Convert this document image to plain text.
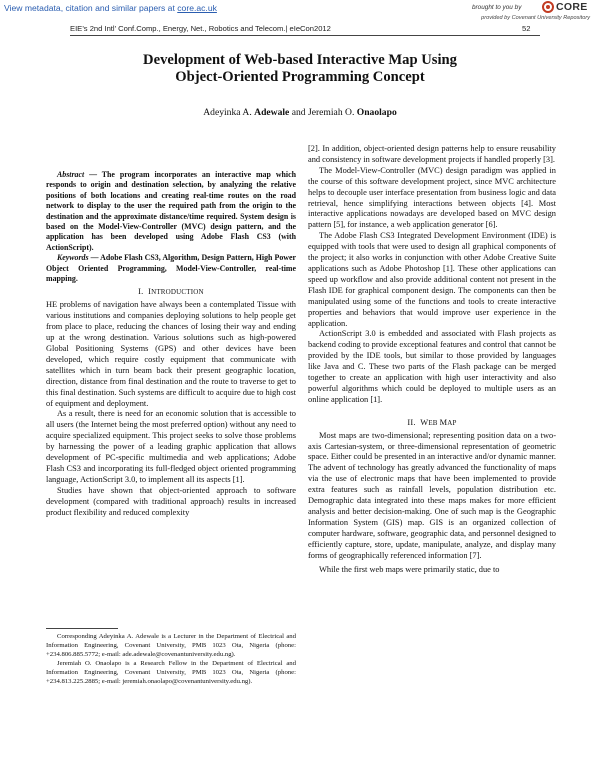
View metadata, citation and similar papers at core.ac.uk	brought to you by	CORE
provided by Covenant University Repository
EIE’s 2nd Intl’ Conf.Comp., Energy, Net., Robotics and Telecom.| eIeCon2012	52
Development of Web-based Interactive Map Using
Object-Oriented Programming Concept
Adeyinka A. Adewale and Jeremiah O. Onaolapo

Abstract — The program incorporates an interactive map which responds to origin and destination selection, by analyzing the relative positions of both locations and creating real-time routes on the road network to display to the user the required path from the origin to the destination and the approximate distance/time required. System design is based on the Model-View-Controller (MVC) design pattern, and the application has been developed using Adobe Flash CS3 (with ActionScript).

Keywords — Adobe Flash CS3, Algorithm, Design Pattern, High Power Object Oriented Programming, Model-View-Controller, real-time mapping.

I. INTRODUCTION

HE problems of navigation have always been a contemplated Tissue with various institutions and companies deploying solutions to help people get from place to place, reducing the chances of losing their way and ending up at the wrong destination. Various solutions such as high-powered Global Positioning Systems (GPS) and other devices have been developed, which require costly equipment that communicate with satellites which in turn beam back their present geographic location, direction, distance from final destination and the route to traverse to get to this final destination. Such systems are difficult to acquire due to high cost of equipment and deployment.

As a result, there is need for an economic solution that is accessible to all users (the Internet being the most preferred option) without any need to acquire specialized equipment. This project seeks to solve those problems by harnessing the power of a leading graphic application that allows development of PC-specific multimedia and web applications; Adobe Flash CS3 and incorporating its full-fledged object oriented programming language, ActionScript 3.0, to implement all its aspects [1].

Studies have shown that object-oriented approach to software development (compared with traditional approach) results in increased product flexibility and reduced complexity

Corresponding Adeyinka A. Adewale is a Lecturer in the Department of Electrical and Information Engineering, Covenant University, PMB 1023 Ota, Nigeria (phone: +234.806.885.5772; e-mail: ade.adewale@covenantuniversity.edu.ng).

Jeremiah O. Onaolapo is a Research Fellow in the Department of Electrical and Information Engineering, Covenant University, PMB 1023 Ota, Nigeria (phone: +234.813.225.2885; e-mail: jeremiah.onaolapo@covenantuniversity.edu.ng).

[2]. In addition, object-oriented design patterns help to ensure reusability and consistency in software development projects if handled properly [3].

The Model-View-Controller (MVC) design paradigm was applied in the course of this software development project, since MVC architecture helps to decouple user interface presentation from business logic and data retrieval, hence simplifying interactions between objects [4]. Most interactive applications nowadays are developed based on MVC design pattern [5], for instance, a web application generator [6].

The Adobe Flash CS3 Integrated Development Environment (IDE) is equipped with tools that were used to design all graphical components of the project; it also works in conjunction with other Adobe Creative Suite applications such as Adobe Photoshop [1]. These other applications can speed up workflow and also provide additional content not present in the Flash IDE for graphical component design. The components can then be manipulated using some of the functions and tools to create interactive properties and behaviors that would improve user experience in the application.

ActionScript 3.0 is embedded and associated with Flash projects as backend coding to provide exceptional features and control that cannot be provided by the IDE tools, but similar to those provided by languages like Java and C. These two parts of the Flash package can be merged together to create an application with high user interactivity and also powerful algorithms which could be deployed to multiple users as an online application [1].

II. WEB MAP

Most maps are two-dimensional; representing position data on a two-axis Cartesian-system, or three-dimensional representation of geometric space. Either could be presented in an interactive and/or dynamic manner. The advent of technology has greatly advanced the functionality of maps via the use of electronic maps that have been implemented to provide extra features such as rainfall levels, population distribution etc. Demographic data integrated into these maps makes for more efficient analysis and better decision-making. One of such map is the Geographic Information System (GIS) map. GIS is an organized collection of computer hardware, software, geographic data, and personnel designed to efficiently capture, store, update, manipulate, analyze, and display many forms of geographically referenced information [7].

While the first web maps were primarily static, due to
